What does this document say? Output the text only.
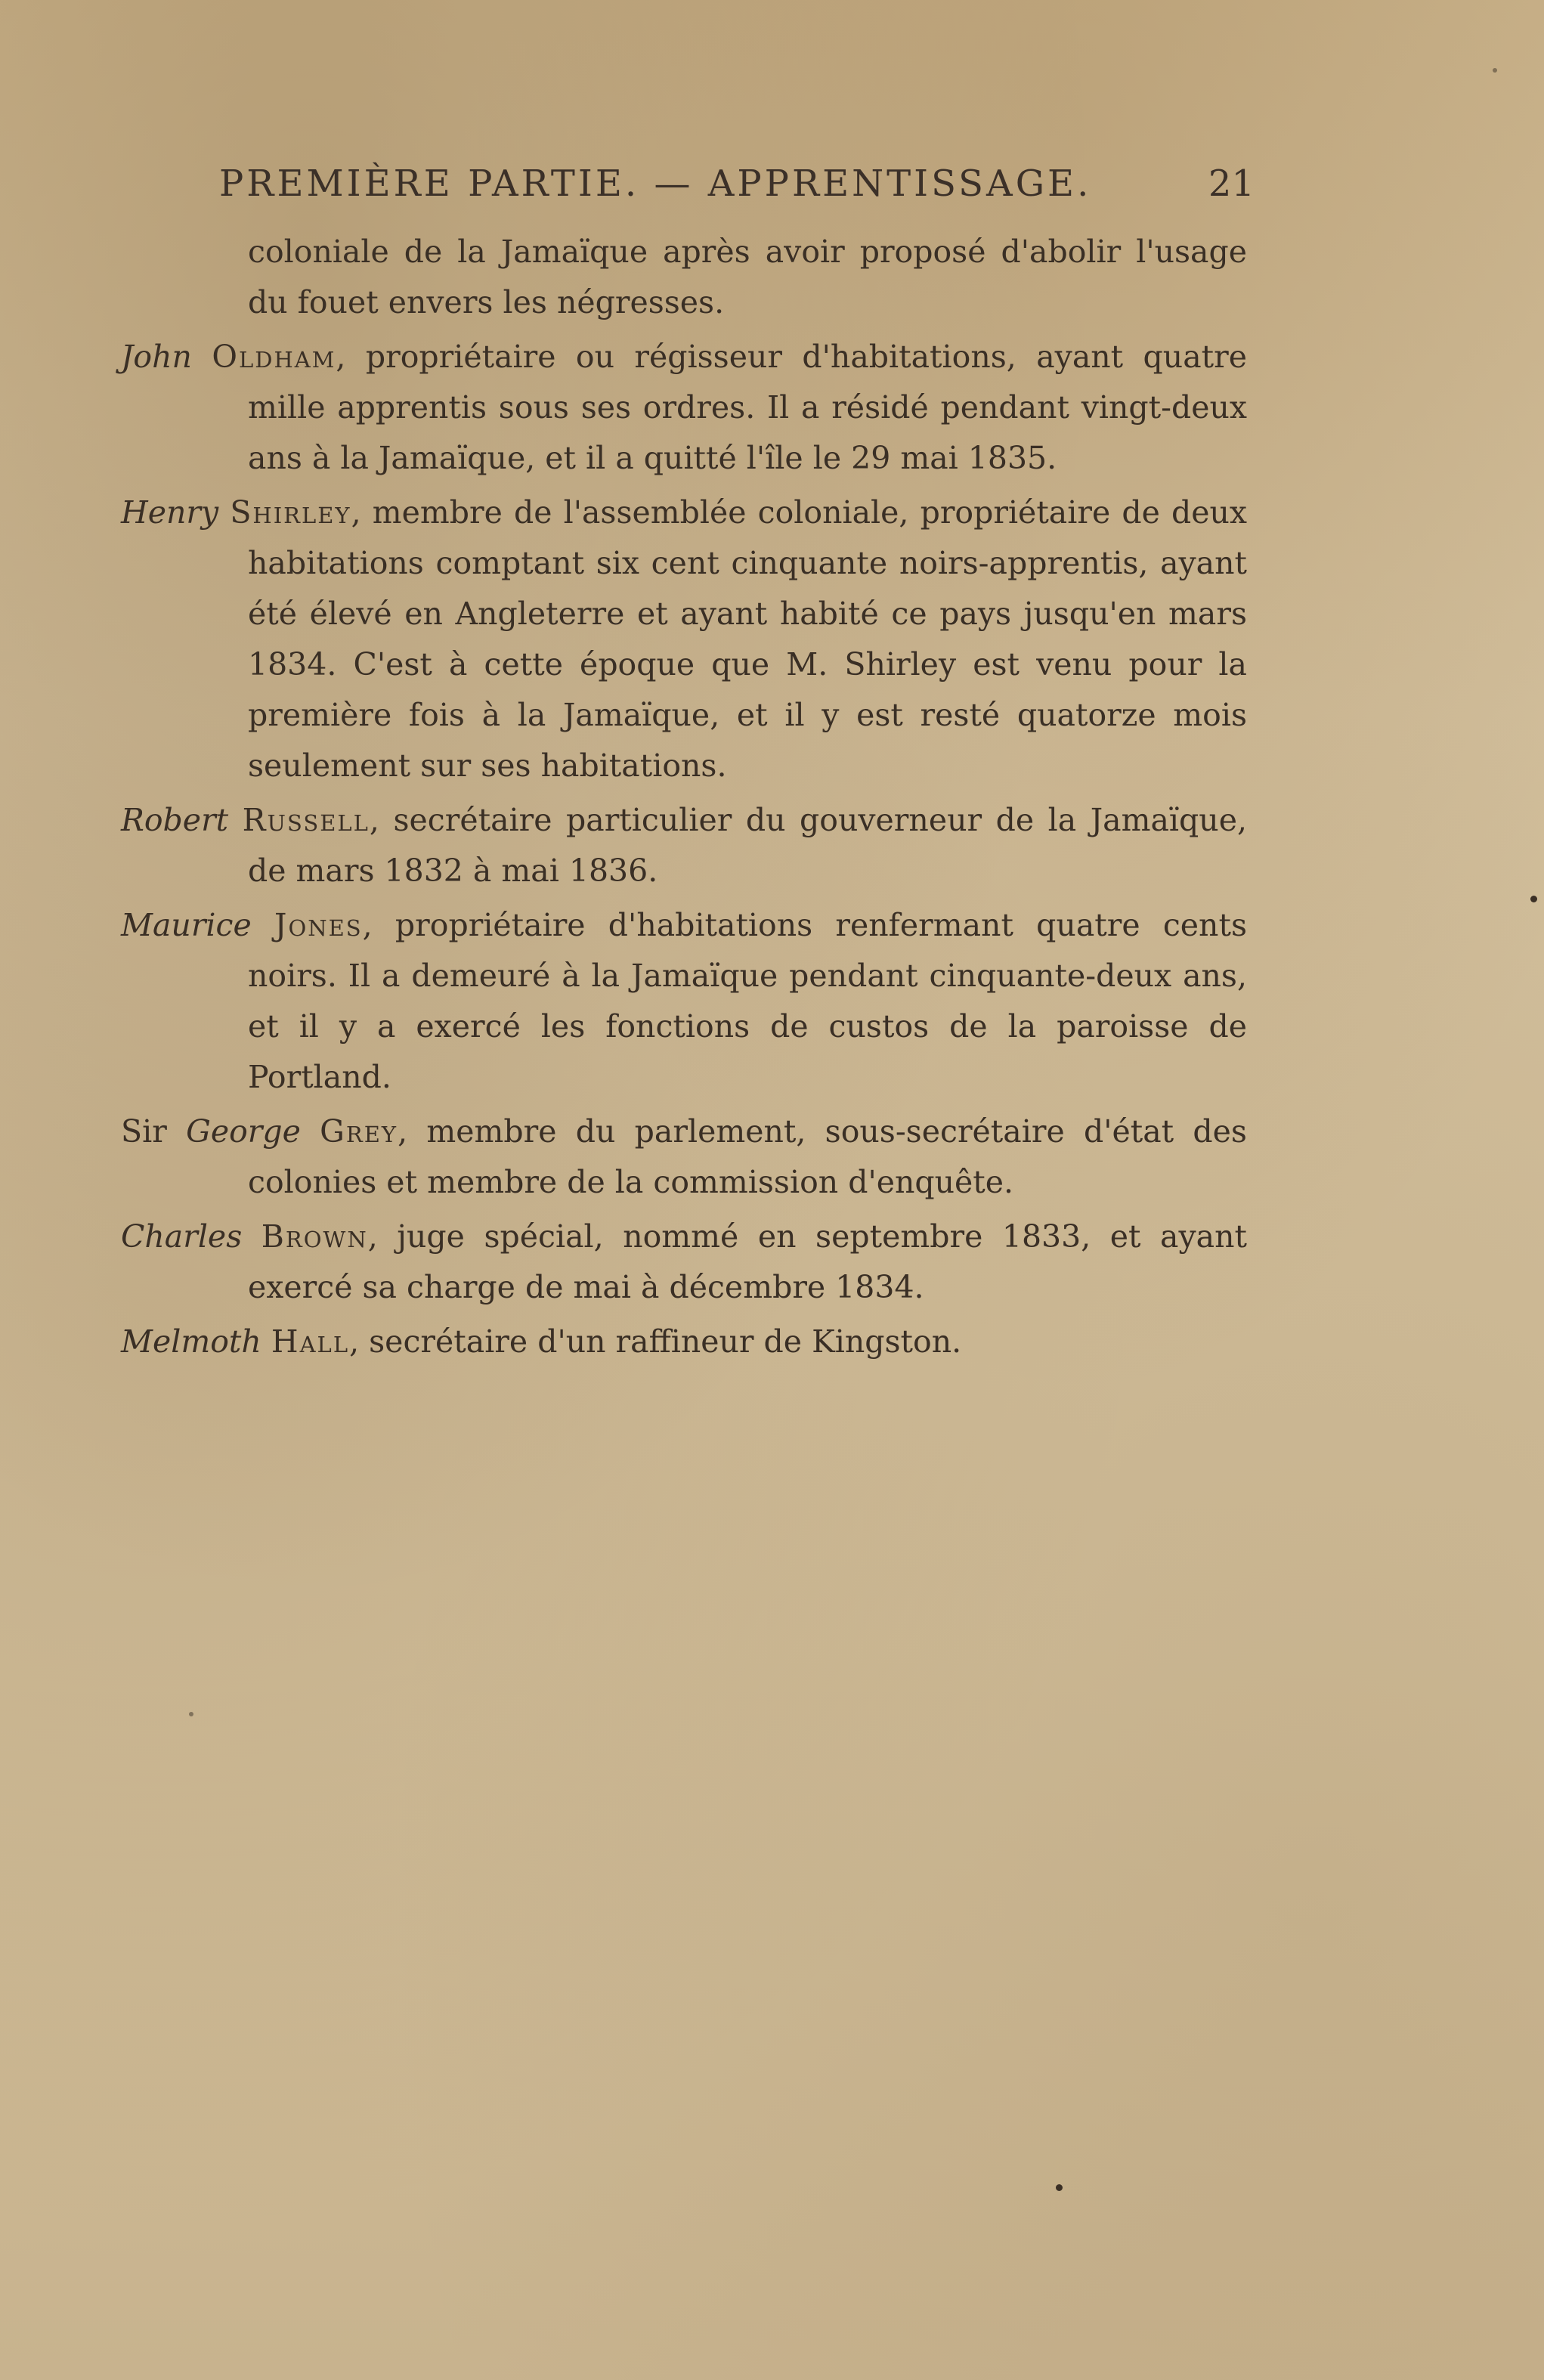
PREMIÈRE PARTIE. — APPRENTISSAGE.	21

coloniale de la Jamaïque après avoir proposé d'abolir l'usage du fouet envers les négresses.

John Oldham, propriétaire ou régisseur d'habitations, ayant quatre mille apprentis sous ses ordres. Il a résidé pendant vingt-deux ans à la Jamaïque, et il a quitté l'île le 29 mai 1835.

Henry Shirley, membre de l'assemblée coloniale, propriétaire de deux habitations comptant six cent cinquante noirs-apprentis, ayant été élevé en Angleterre et ayant habité ce pays jusqu'en mars 1834. C'est à cette époque que M. Shirley est venu pour la première fois à la Jamaïque, et il y est resté quatorze mois seulement sur ses habitations.

Robert Russell, secrétaire particulier du gouverneur de la Jamaïque, de mars 1832 à mai 1836.

Maurice Jones, propriétaire d'habitations renfermant quatre cents noirs. Il a demeuré à la Jamaïque pendant cinquante-deux ans, et il y a exercé les fonctions de custos de la paroisse de Portland.

Sir George Grey, membre du parlement, sous-secrétaire d'état des colonies et membre de la commission d'enquête.

Charles Brown, juge spécial, nommé en septembre 1833, et ayant exercé sa charge de mai à décembre 1834.

Melmoth Hall, secrétaire d'un raffineur de Kingston.
